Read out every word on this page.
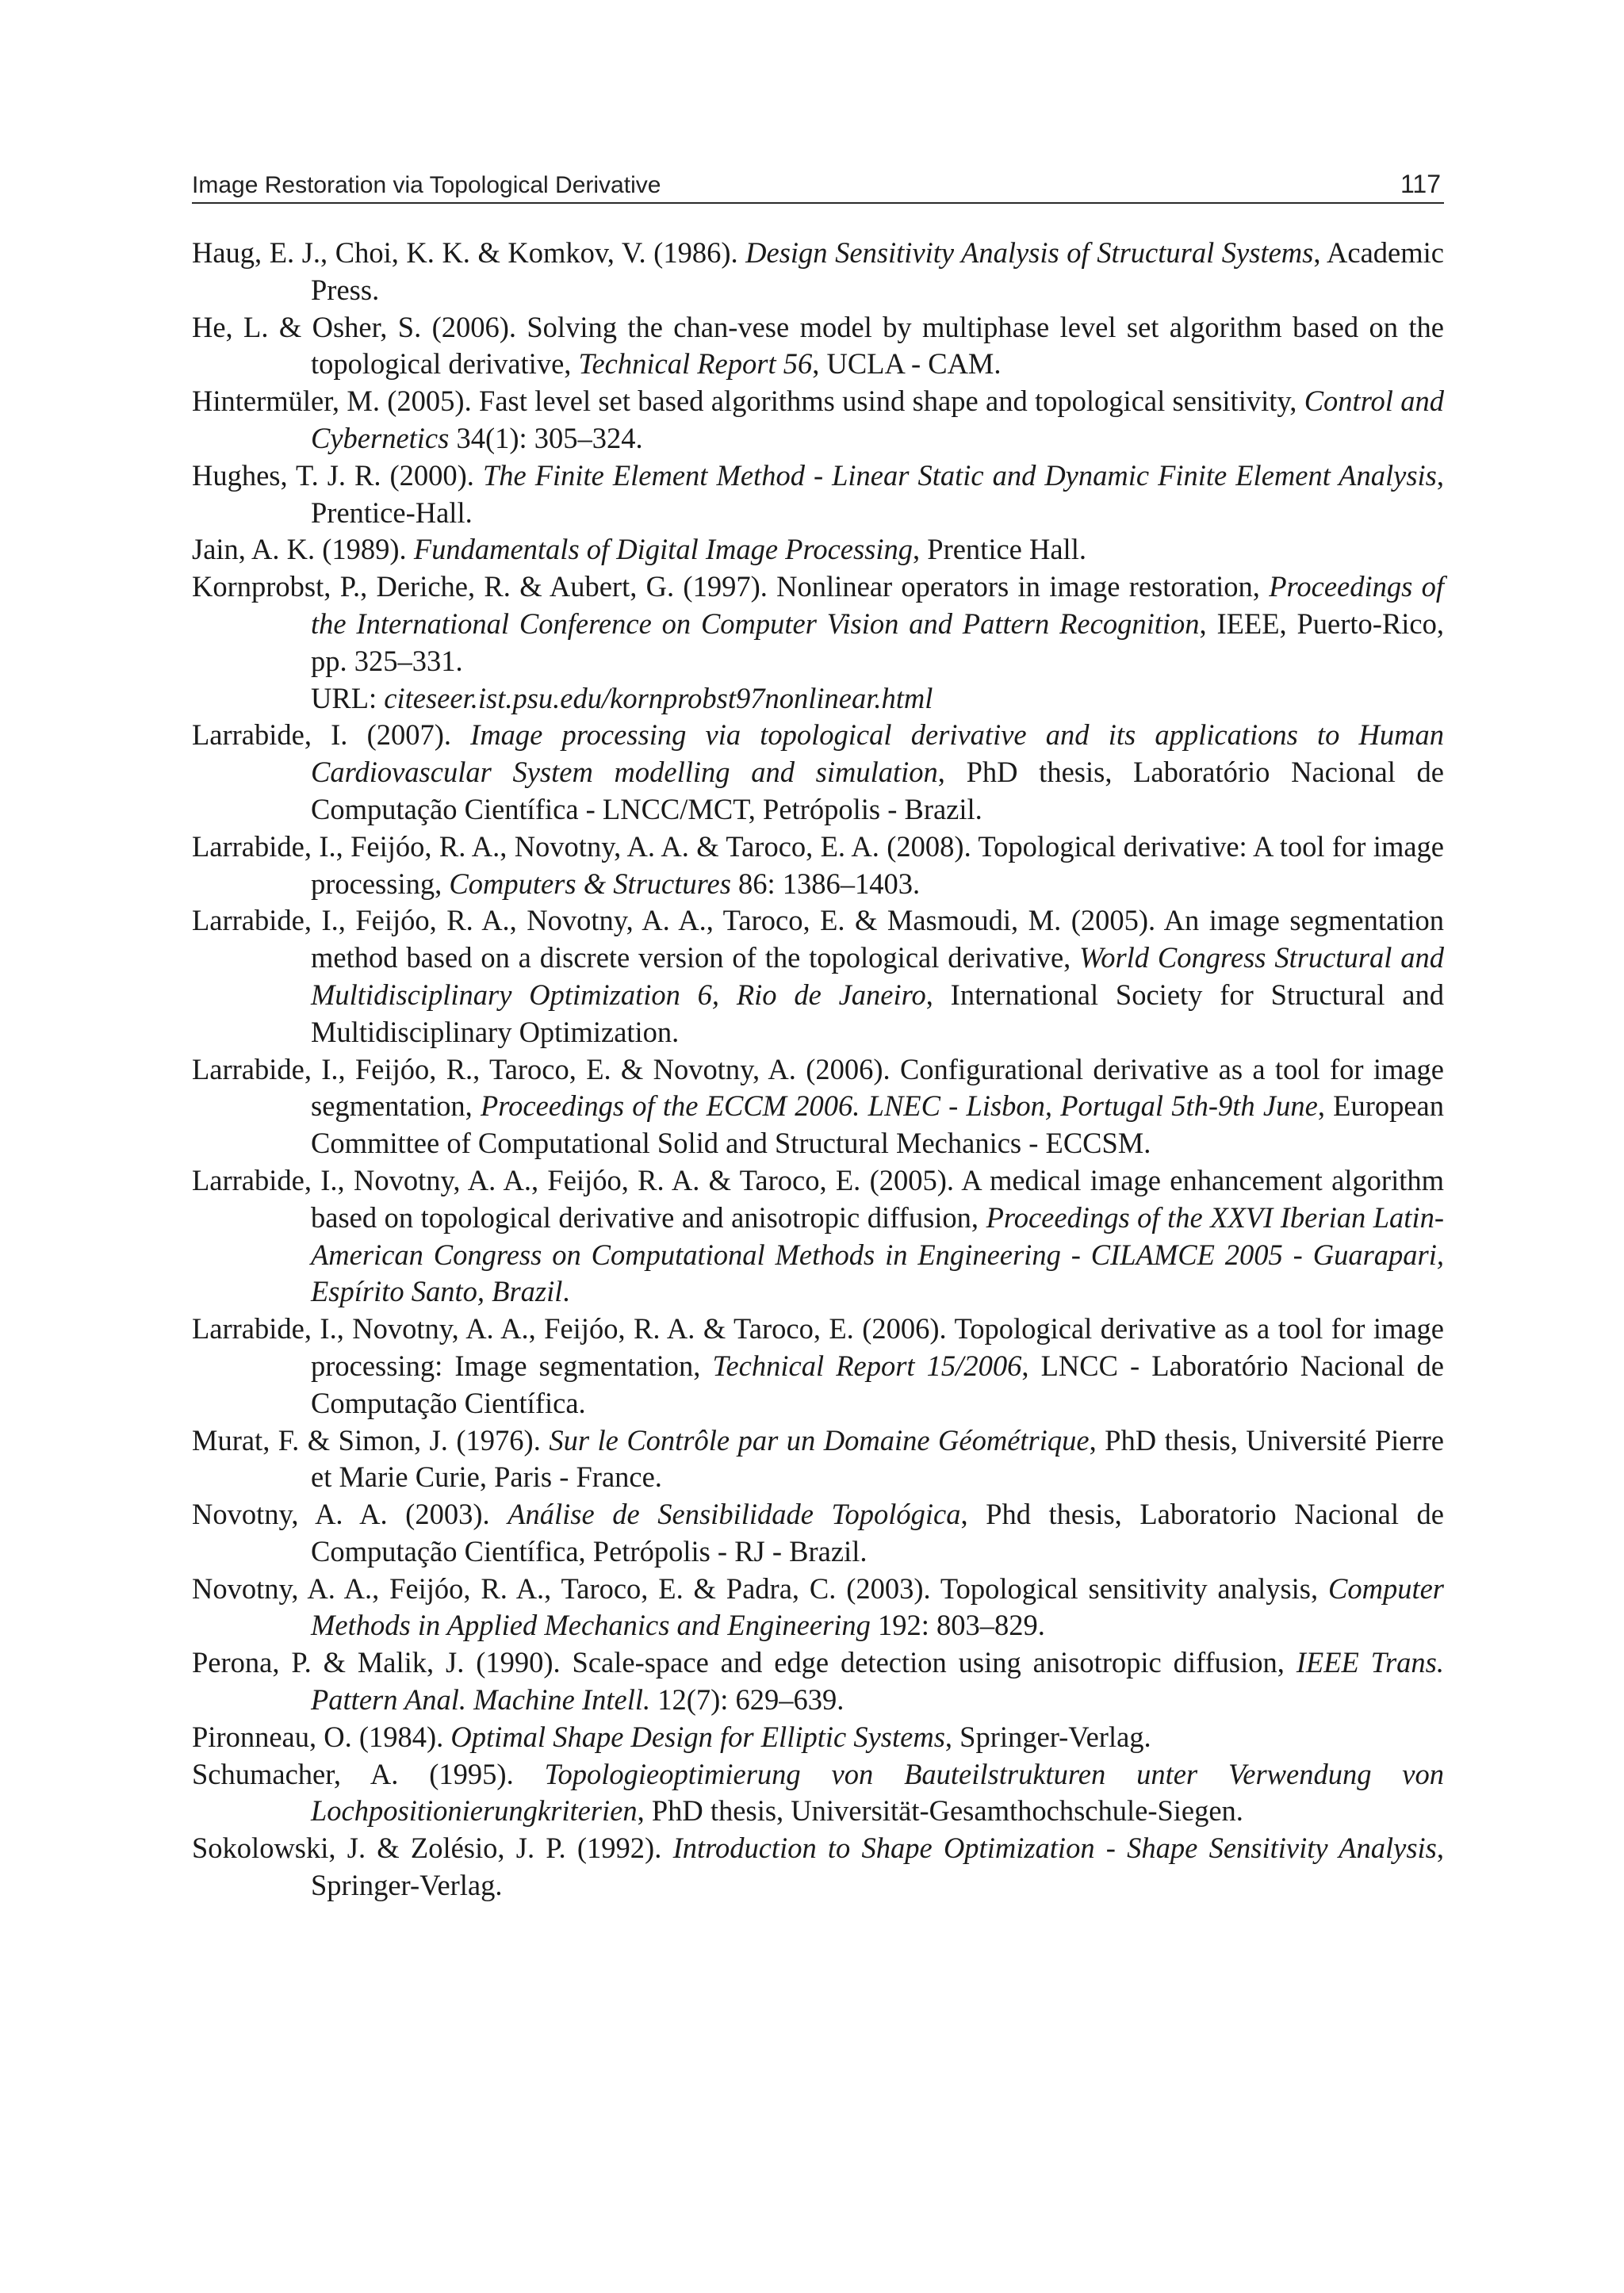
Image Restoration via Topological Derivative	117
Haug, E. J., Choi, K. K. & Komkov, V. (1986). Design Sensitivity Analysis of Structural Systems, Academic Press.
He, L. & Osher, S. (2006). Solving the chan-vese model by multiphase level set algorithm based on the topological derivative, Technical Report 56, UCLA - CAM.
Hintermüler, M. (2005). Fast level set based algorithms usind shape and topological sensitivity, Control and Cybernetics 34(1): 305–324.
Hughes, T. J. R. (2000). The Finite Element Method - Linear Static and Dynamic Finite Element Analysis, Prentice-Hall.
Jain, A. K. (1989). Fundamentals of Digital Image Processing, Prentice Hall.
Kornprobst, P., Deriche, R. & Aubert, G. (1997). Nonlinear operators in image restoration, Proceedings of the International Conference on Computer Vision and Pattern Recognition, IEEE, Puerto-Rico, pp. 325–331.
URL: citeseer.ist.psu.edu/kornprobst97nonlinear.html
Larrabide, I. (2007). Image processing via topological derivative and its applications to Human Cardiovascular System modelling and simulation, PhD thesis, Laboratório Nacional de Computação Científica - LNCC/MCT, Petrópolis - Brazil.
Larrabide, I., Feijóo, R. A., Novotny, A. A. & Taroco, E. A. (2008). Topological derivative: A tool for image processing, Computers & Structures 86: 1386–1403.
Larrabide, I., Feijóo, R. A., Novotny, A. A., Taroco, E. & Masmoudi, M. (2005). An image segmentation method based on a discrete version of the topological derivative, World Congress Structural and Multidisciplinary Optimization 6, Rio de Janeiro, International Society for Structural and Multidisciplinary Optimization.
Larrabide, I., Feijóo, R., Taroco, E. & Novotny, A. (2006). Configurational derivative as a tool for image segmentation, Proceedings of the ECCM 2006. LNEC - Lisbon, Portugal 5th-9th June, European Committee of Computational Solid and Structural Mechanics - ECCSM.
Larrabide, I., Novotny, A. A., Feijóo, R. A. & Taroco, E. (2005). A medical image enhancement algorithm based on topological derivative and anisotropic diffusion, Proceedings of the XXVI Iberian Latin-American Congress on Computational Methods in Engineering - CILAMCE 2005 - Guarapari, Espírito Santo, Brazil.
Larrabide, I., Novotny, A. A., Feijóo, R. A. & Taroco, E. (2006). Topological derivative as a tool for image processing: Image segmentation, Technical Report 15/2006, LNCC - Laboratório Nacional de Computação Científica.
Murat, F. & Simon, J. (1976). Sur le Contrôle par un Domaine Géométrique, PhD thesis, Université Pierre et Marie Curie, Paris - France.
Novotny, A. A. (2003). Análise de Sensibilidade Topológica, Phd thesis, Laboratorio Nacional de Computação Científica, Petrópolis - RJ - Brazil.
Novotny, A. A., Feijóo, R. A., Taroco, E. & Padra, C. (2003). Topological sensitivity analysis, Computer Methods in Applied Mechanics and Engineering 192: 803–829.
Perona, P. & Malik, J. (1990). Scale-space and edge detection using anisotropic diffusion, IEEE Trans. Pattern Anal. Machine Intell. 12(7): 629–639.
Pironneau, O. (1984). Optimal Shape Design for Elliptic Systems, Springer-Verlag.
Schumacher, A. (1995). Topologieoptimierung von Bauteilstrukturen unter Verwendung von Lochpositionierungkriterien, PhD thesis, Universität-Gesamthochschule-Siegen.
Sokolowski, J. & Zolésio, J. P. (1992). Introduction to Shape Optimization - Shape Sensitivity Analysis, Springer-Verlag.
